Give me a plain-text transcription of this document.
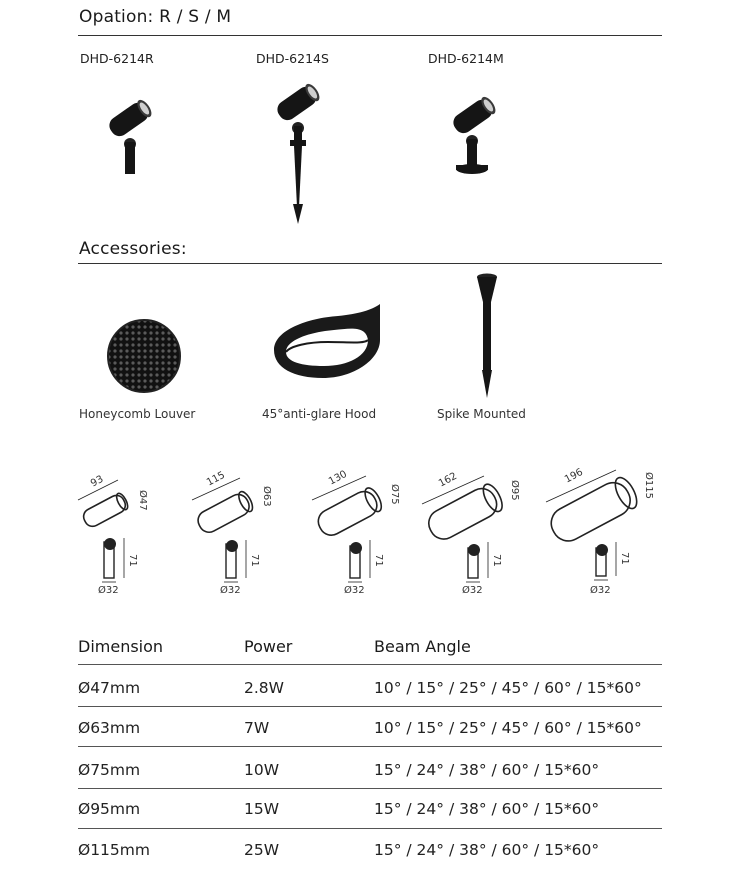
Opation: R / S / M
DHD-6214R	DHD-6214S	DHD-6214M
Accessories:
Honeycomb Louver	45°anti-glare Hood	Spike Mounted
93
Ø47
71
Ø32
115
Ø63
71
Ø32
130
Ø75
71
Ø32
162	Ø95
71
Ø32
196	Ø115
71
Ø32
Dimension	Power	Beam Angle
Ø47mm	2.8W	10° / 15° / 25° / 45° / 60° / 15*60°
Ø63mm	7W	10° / 15° / 25° / 45° / 60° / 15*60°
Ø75mm	10W	15° / 24° / 38° / 60° / 15*60°
Ø95mm	15W	15° / 24° / 38° / 60° / 15*60°
Ø115mm	25W	15° / 24° / 38° / 60° / 15*60°
